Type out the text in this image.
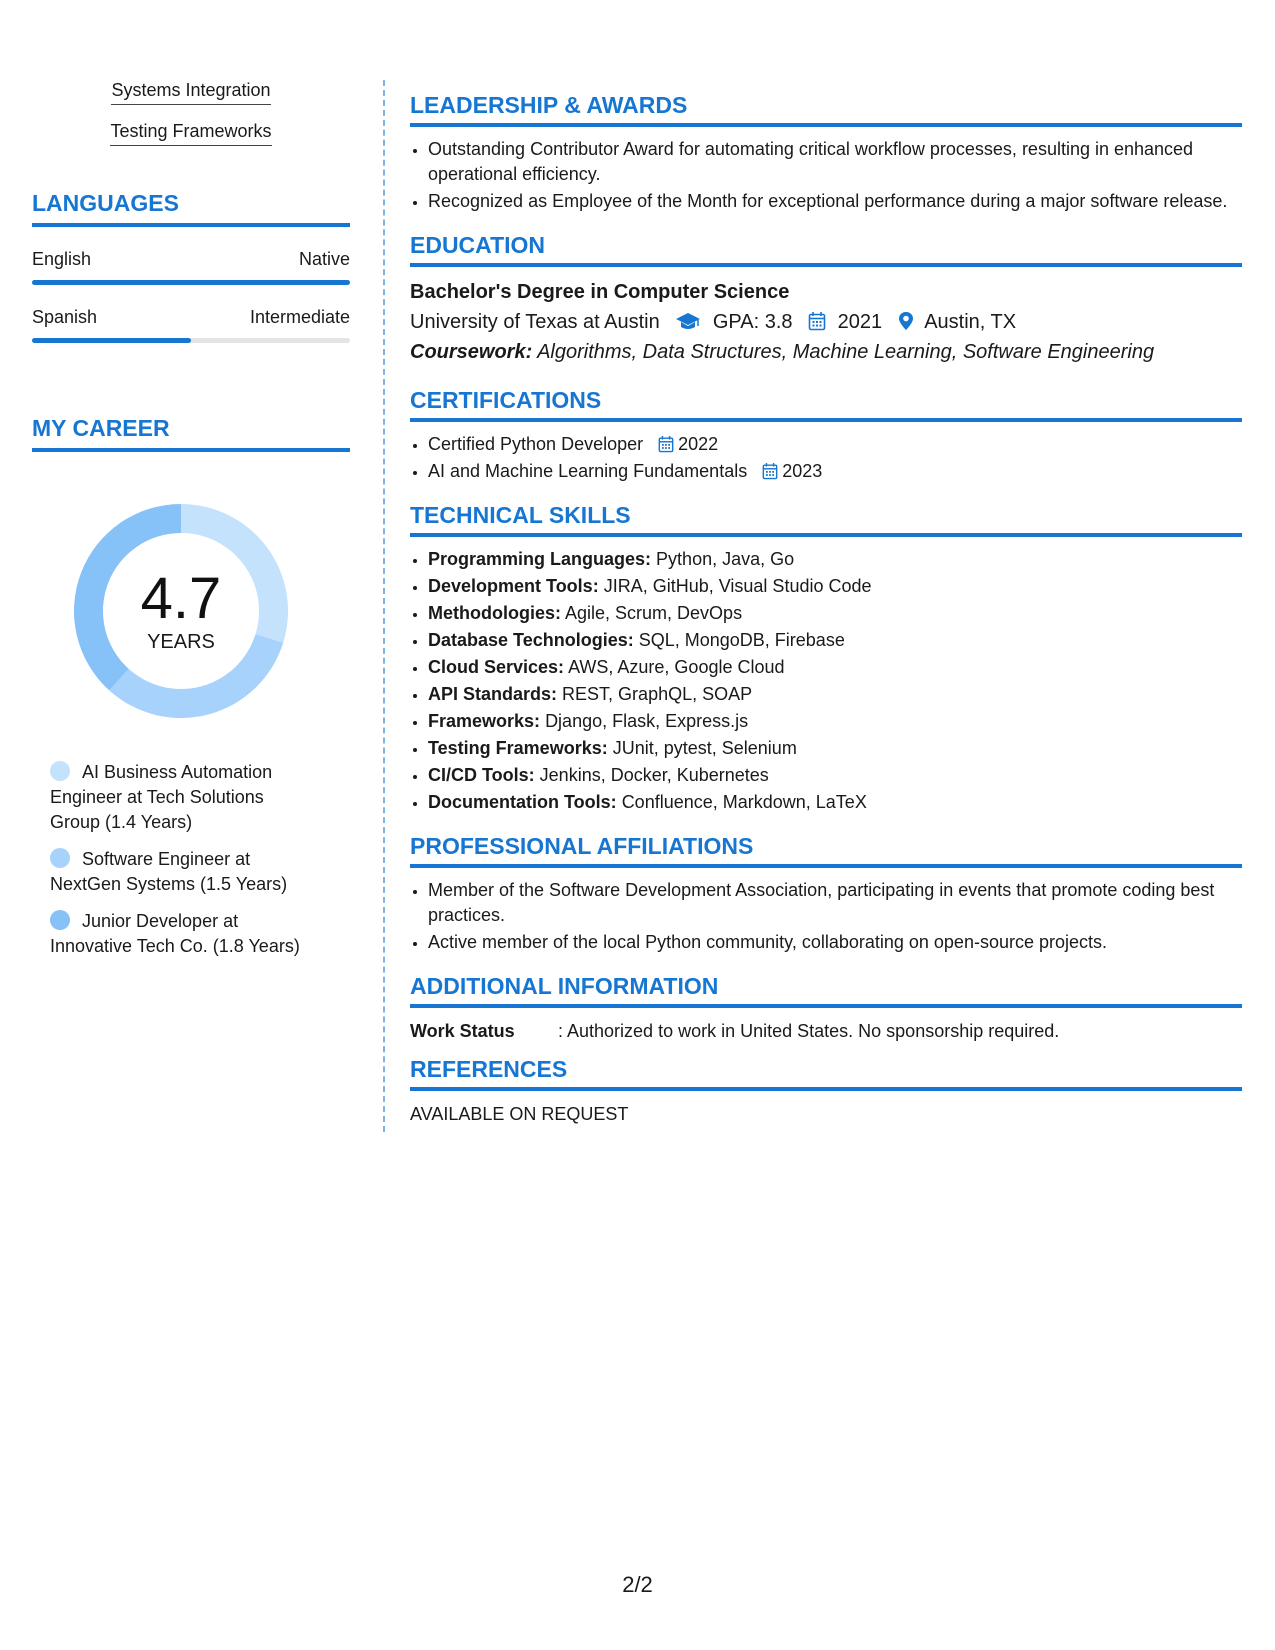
Systems Integration
Testing Frameworks
LANGUAGES
English	Native
Spanish	Intermediate
MY CAREER
4.7
YEARS
AI Business Automation Engineer at Tech Solutions Group (1.4 Years)
Software Engineer at NextGen Systems (1.5 Years)
Junior Developer at Innovative Tech Co. (1.8 Years)
LEADERSHIP & AWARDS
• Outstanding Contributor Award for automating critical workflow processes, resulting in enhanced operational efficiency.
• Recognized as Employee of the Month for exceptional performance during a major software release.
EDUCATION
Bachelor's Degree in Computer Science
University of Texas at Austin	GPA: 3.8 2021 Austin, TX
Coursework: Algorithms, Data Structures, Machine Learning, Software Engineering
CERTIFICATIONS
• Certified Python Developer 2022
• AI and Machine Learning Fundamentals 2023
TECHNICAL SKILLS
• Programming Languages: Python, Java, Go
• Development Tools: JIRA, GitHub, Visual Studio Code
• Methodologies: Agile, Scrum, DevOps
• Database Technologies: SQL, MongoDB, Firebase
• Cloud Services: AWS, Azure, Google Cloud
• API Standards: REST, GraphQL, SOAP
• Frameworks: Django, Flask, Express.js
• Testing Frameworks: JUnit, pytest, Selenium
• CI/CD Tools: Jenkins, Docker, Kubernetes
• Documentation Tools: Confluence, Markdown, LaTeX
PROFESSIONAL AFFILIATIONS
• Member of the Software Development Association, participating in events that promote coding best practices.
• Active member of the local Python community, collaborating on open-source projects.
ADDITIONAL INFORMATION
Work Status	: Authorized to work in United States. No sponsorship required.
REFERENCES
AVAILABLE ON REQUEST
2/2
